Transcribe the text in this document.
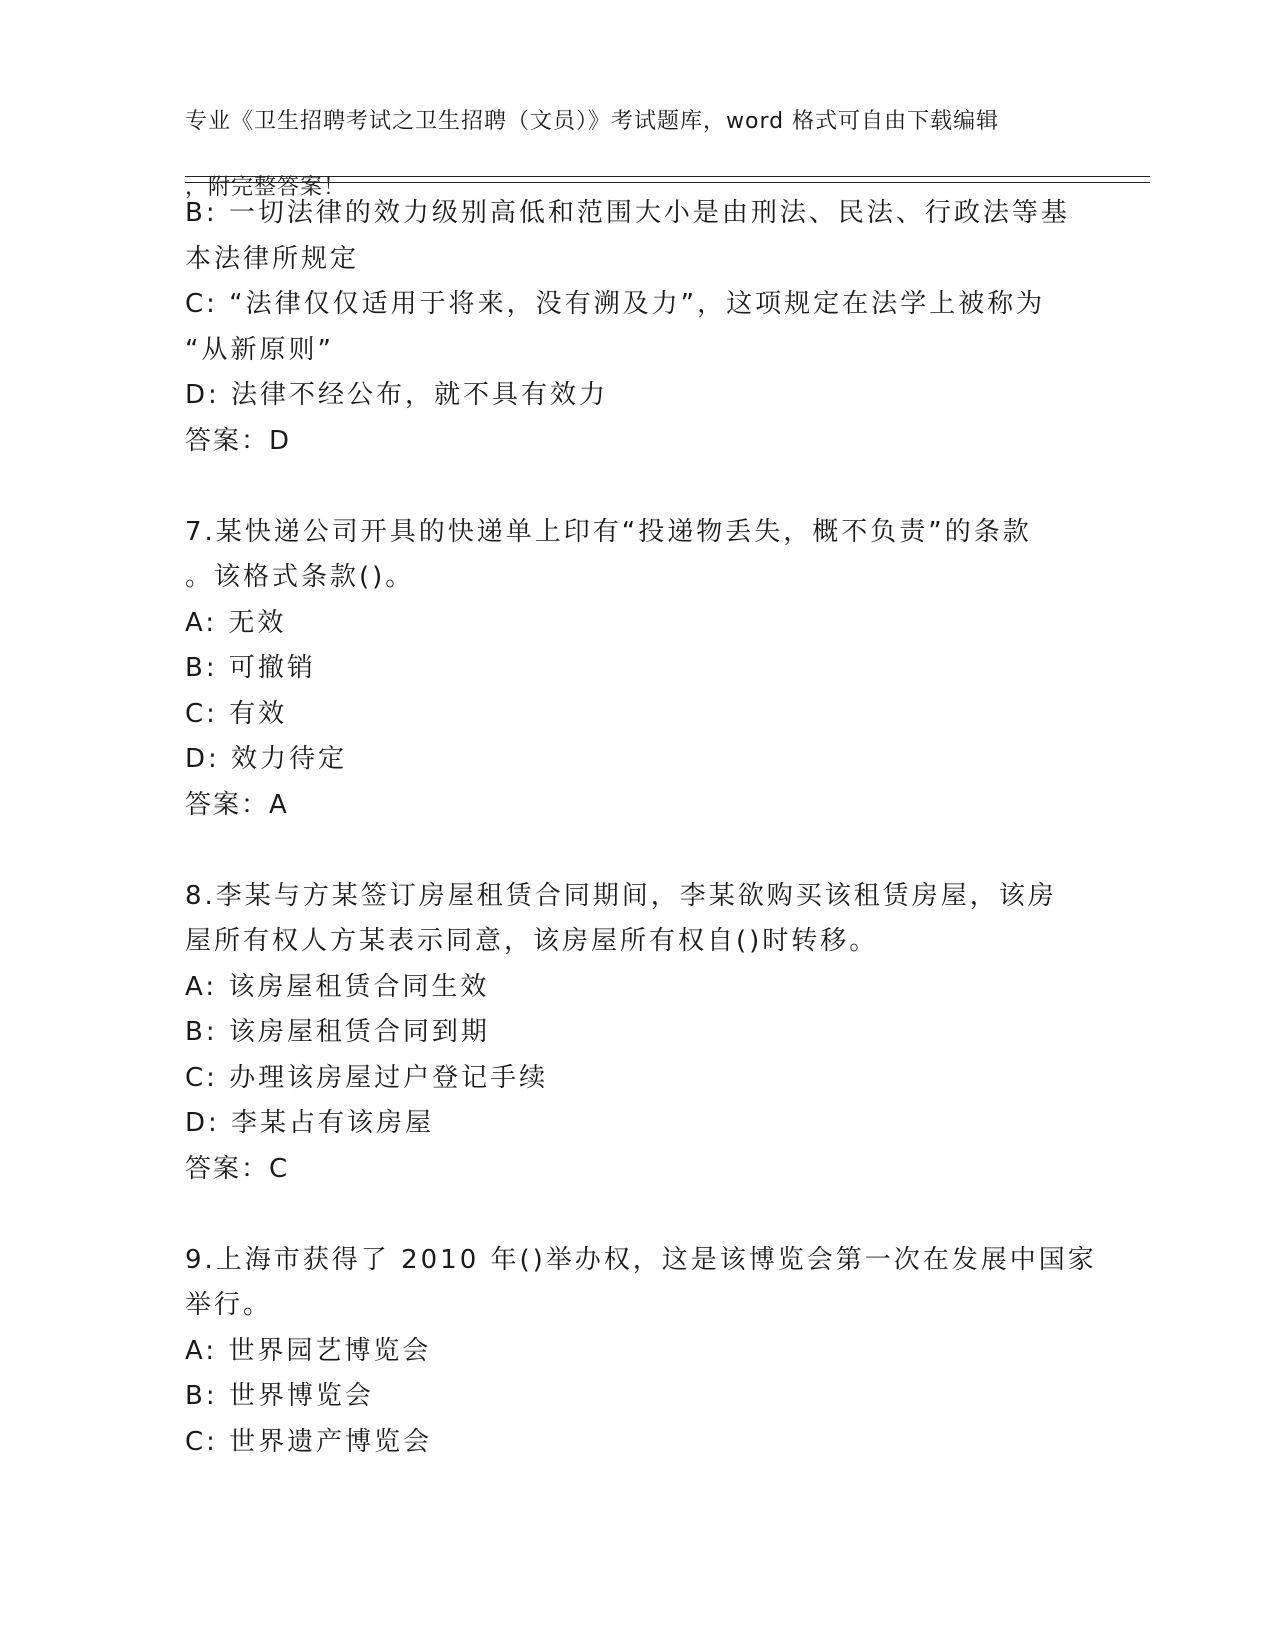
专业《卫生招聘考试之卫生招聘（文员）》考试题库，word 格式可自由下载编辑

，附完整答案！

B: 一切法律的效力级别高低和范围大小是由刑法、民法、行政法等基
本法律所规定
C: “法律仅仅适用于将来，没有溯及力”，这项规定在法学上被称为
“从新原则”
D: 法律不经公布，就不具有效力
答案：D
7.某快递公司开具的快递单上印有“投递物丢失，概不负责”的条款
。该格式条款()。
A: 无效
B: 可撤销
C: 有效
D: 效力待定
答案：A
8.李某与方某签订房屋租赁合同期间，李某欲购买该租赁房屋，该房
屋所有权人方某表示同意，该房屋所有权自()时转移。
A: 该房屋租赁合同生效
B: 该房屋租赁合同到期
C: 办理该房屋过户登记手续
D: 李某占有该房屋
答案：C
9.上海市获得了 2010 年()举办权，这是该博览会第一次在发展中国家
举行。
A: 世界园艺博览会
B: 世界博览会
C: 世界遗产博览会
